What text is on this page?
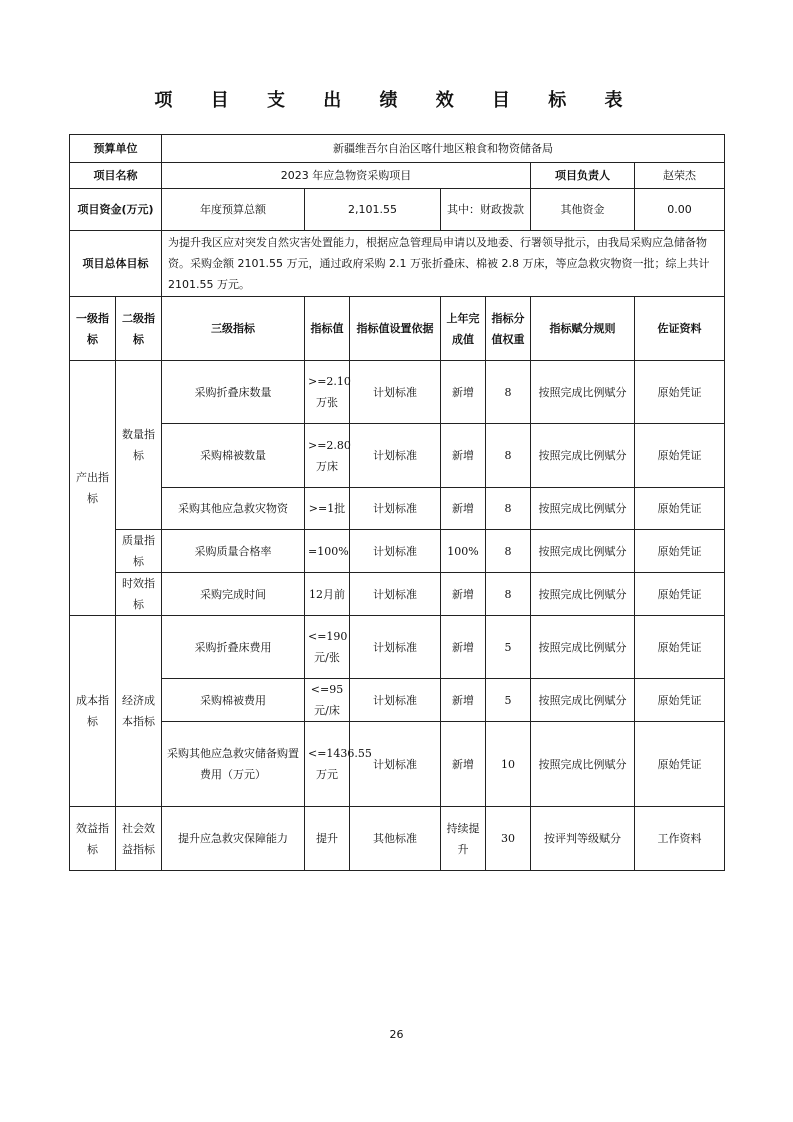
项 目 支 出 绩 效 目 标 表
预算单位		新疆维吾尔自治区喀什地区粮食和物资储备局						
项目名称		2023 年应急物资采购项目					项目负责人	赵荣杰
项目资金(万元)		年度预算总额	2,101.55		其中：财政拨款		其他资金	0.00
项目总体目标		为提升我区应对突发自然灾害处置能力，根据应急管理局申请以及地委、行署领导批示，由我局采购应急储备物资。采购金额 2101.55 万元，通过政府采购 2.1 万张折叠床、棉被 2.8 万床，等应急救灾物资一批；综上共计 2101.55 万元。						
一级指标	二级指标	三级指标	指标值	指标值设置依据	上年完成值	指标分值权重	指标赋分规则	佐证资料
产出指标	数量指标	采购折叠床数量	>=2.10万张	计划标准	新增	8	按照完成比例赋分	原始凭证
		采购棉被数量	>=2.80万床	计划标准	新增	8	按照完成比例赋分	原始凭证
		采购其他应急救灾物资	>=1批	计划标准	新增	8	按照完成比例赋分	原始凭证
	质量指标	采购质量合格率	=100%	计划标准	100%	8	按照完成比例赋分	原始凭证
	时效指标	采购完成时间	12月前	计划标准	新增	8	按照完成比例赋分	原始凭证
成本指标	经济成本指标	采购折叠床费用	<=190元/张	计划标准	新增	5	按照完成比例赋分	原始凭证
		采购棉被费用	<=95元/床	计划标准	新增	5	按照完成比例赋分	原始凭证
		采购其他应急救灾储备购置费用（万元）	<=1436.55万元	计划标准	新增	10	按照完成比例赋分	原始凭证
效益指标	社会效益指标	提升应急救灾保障能力	提升	其他标准	持续提升	30	按评判等级赋分	工作资料
26
